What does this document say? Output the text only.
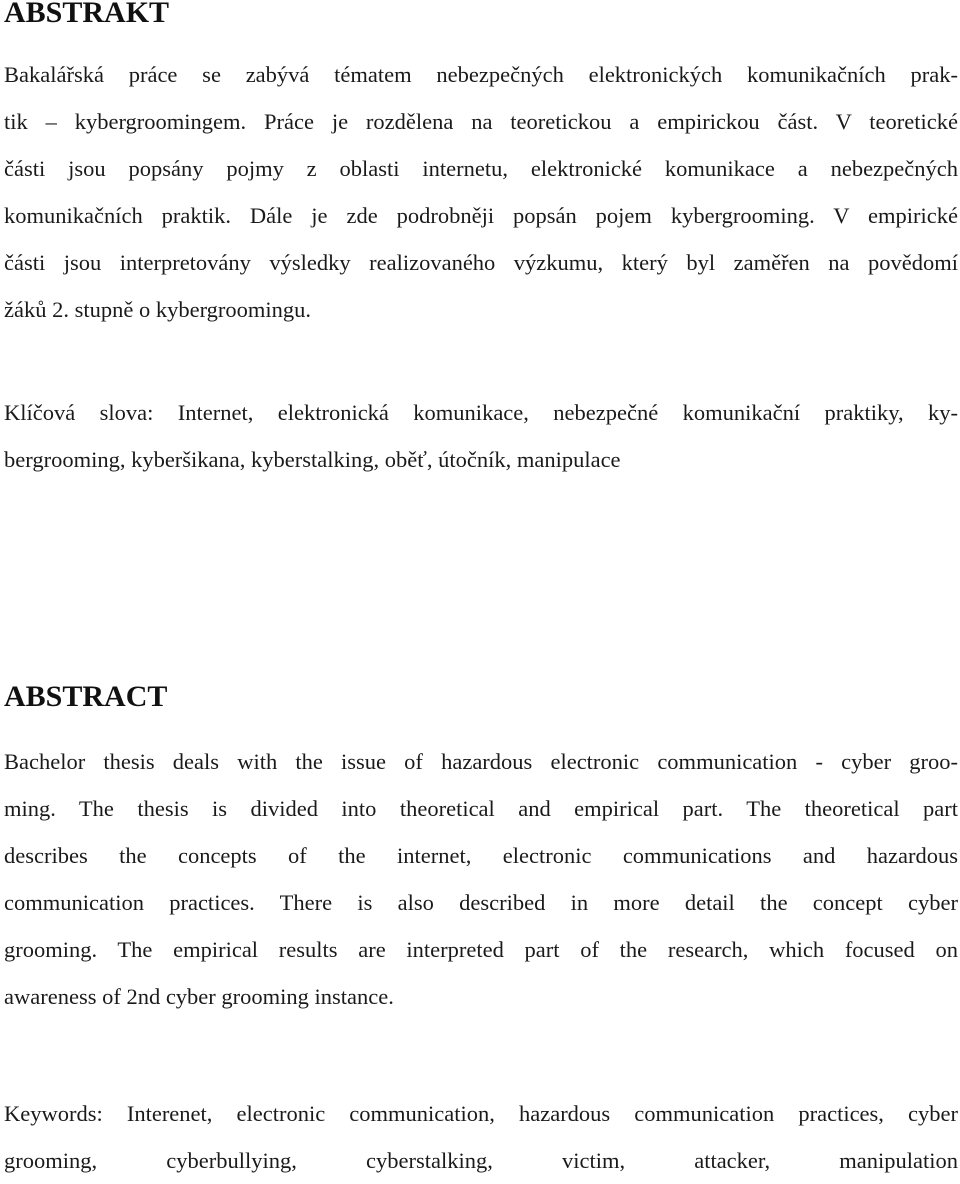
ABSTRAKT
Bakalářská práce se zabývá tématem nebezpečných elektronických komunikačních prak-
tik – kybergroomingem. Práce je rozdělena na teoretickou a empirickou část. V teoretické
části jsou popsány pojmy z oblasti internetu, elektronické komunikace a nebezpečných
komunikačních praktik. Dále je zde podrobněji popsán pojem kybergrooming. V empirické
části jsou interpretovány výsledky realizovaného výzkumu, který byl zaměřen na povědomí
žáků 2. stupně o kybergroomingu.
Klíčová slova: Internet, elektronická komunikace, nebezpečné komunikační praktiky, ky-
bergrooming, kyberšikana, kyberstalking, oběť, útočník, manipulace
ABSTRACT
Bachelor thesis deals with the issue of hazardous electronic communication - cyber groo-
ming. The thesis is divided into theoretical and empirical part. The theoretical part
describes the concepts of the internet, electronic communications and hazardous
communication practices. There is also described in more detail the concept cyber
grooming. The empirical results are interpreted part of the research, which focused on
awareness of 2nd cyber grooming instance.
Keywords: Interenet, electronic communication, hazardous communication practices, cyber
grooming, cyberbullying, cyberstalking, victim, attacker, manipulation
